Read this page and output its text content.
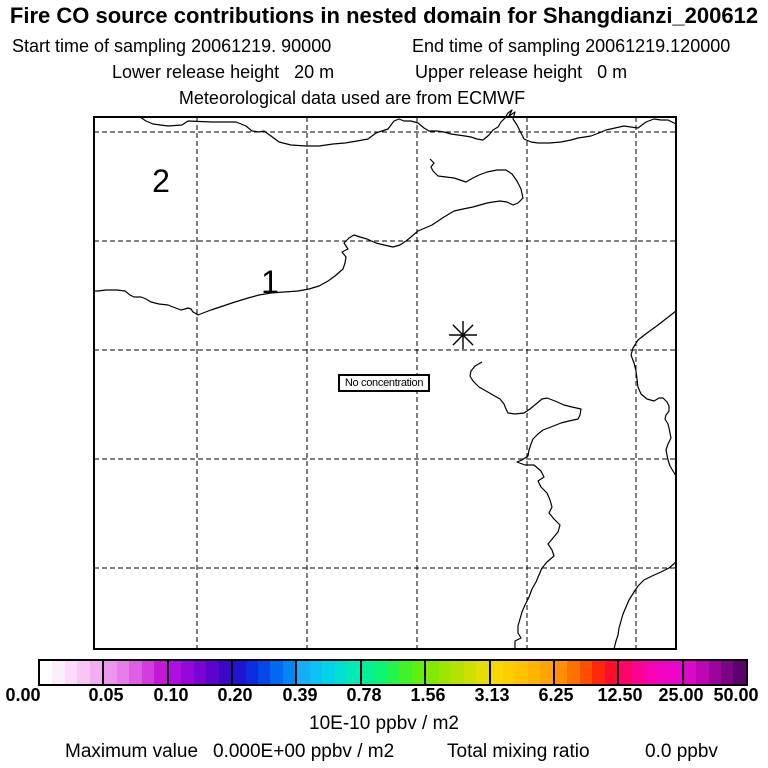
Fire CO source contributions in nested domain for Shangdianzi_200612
Start time of sampling 20061219. 90000	End time of sampling 20061219.120000
Lower release height   20 m	Upper release height   0 m
Meteorological data used are from ECMWF
2
1
No concentration
0.00	0.05 0.10 0.20 0.39 0.78 1.56 3.13 6.25 12.50 25.00 50.00
10E-10 ppbv / m2
Maximum value 0.000E+00 ppbv / m2	Total mixing ratio	0.0 ppbv
